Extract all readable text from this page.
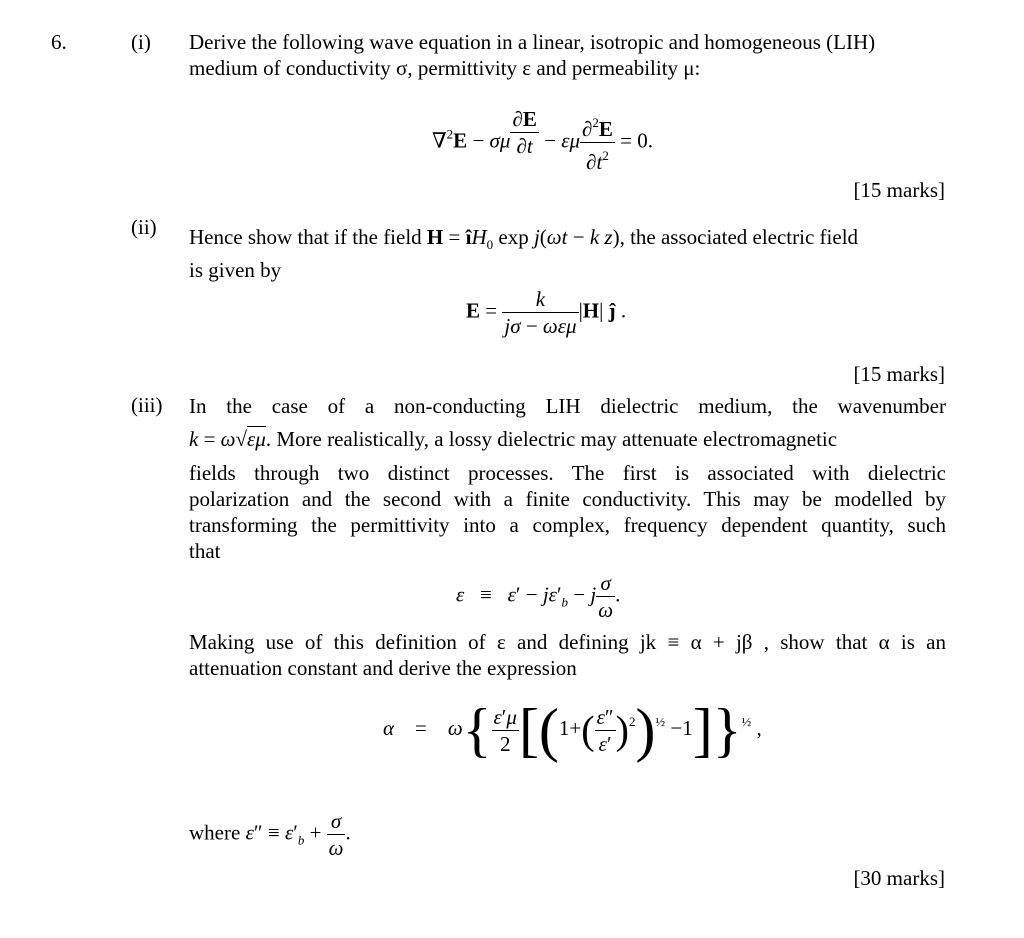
6.	(i) Derive the following wave equation in a linear, isotropic and homogeneous (LIH)
medium of conductivity σ, permittivity ε and permeability μ:
∇$^2$E − σμ $\frac{\partial E}{\partial t} - \varepsilon\mu \frac{\partial^2E}{\partial t^2} = 0$.
[15 marks]
(ii) Hence show that if the field $H = îH_0$ exp j(ωt − k z), the associated electric field
is given by
$E = \frac{k}{\text{jσ − ωεμ}} |H|$ ĵ .
[15 marks]
(iii) In the case of a non-conducting LIH dielectric medium, the wavenumber
k = ω√εμ. More realistically, a lossy dielectric may attenuate electromagnetic
fields through two distinct processes. The first is associated with dielectric
polarization and the second with a finite conductivity. This may be modelled by
transforming the permittivity into a complex, frequency dependent quantity, such
that
$\varepsilon \equiv \varepsilon' - j\varepsilon'_b - j \frac{\sigma}{\omega}$ .
Making use of this definition of ε and defining jk ≡ α + jβ , show that α is an
attenuation constant and derive the expression
α    =    $\omega\{ \frac{\varepsilon'\mu}{2} [(1+( \frac{\varepsilon''}{\varepsilon'} )^2)^{\frac{1}{2}} -1]\}^{\frac{1}{2}}$ ,
where $\varepsilon'' \equiv \varepsilon'_b + \frac{\sigma}{\omega}$ .
[30 marks]
